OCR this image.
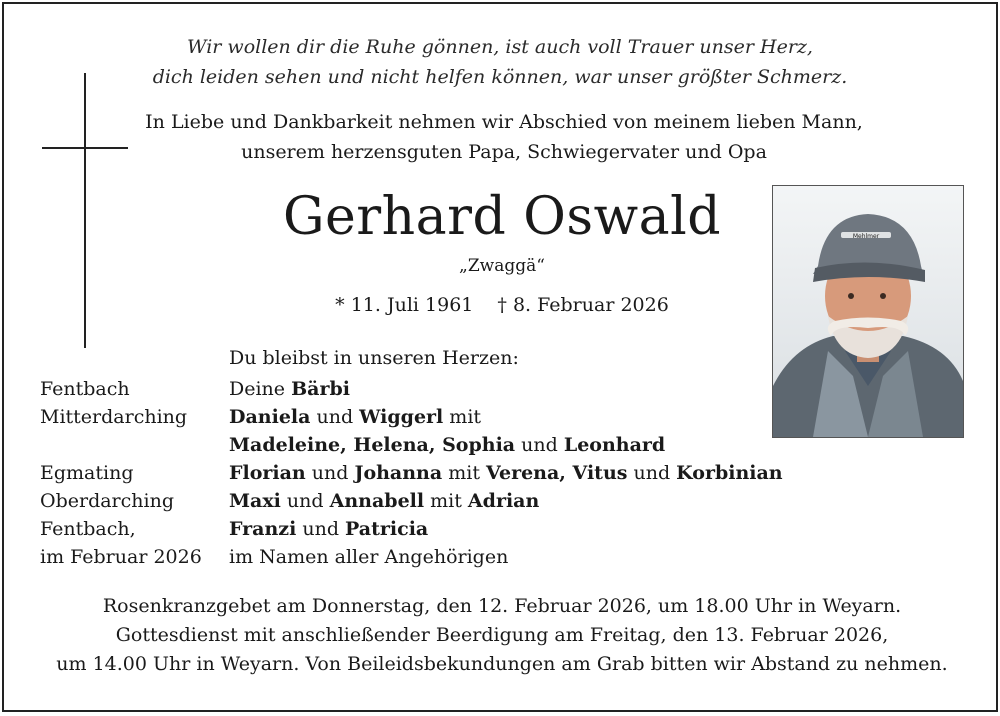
Wir wollen dir die Ruhe gönnen, ist auch voll Trauer unser Herz,
dich leiden sehen und nicht helfen können, war unser größter Schmerz.
In Liebe und Dankbarkeit nehmen wir Abschied von meinem lieben Mann,
unserem herzensguten Papa, Schwiegervater und Opa
Gerhard Oswald
„Zwaggä“
* 11. Juli 1961 † 8. Februar 2026
Mehlmer
Du bleibst in unseren Herzen:
Fentbach
Mitterdarching
Egmating
Oberdarching
Fentbach,
im Februar 2026
Deine Bärbi
Daniela und Wiggerl mit
Madeleine, Helena, Sophia und Leonhard
Florian und Johanna mit Verena, Vitus und Korbinian
Maxi und Annabell mit Adrian
Franzi und Patricia
im Namen aller Angehörigen
Rosenkranzgebet am Donnerstag, den 12. Februar 2026, um 18.00 Uhr in Weyarn.
Gottesdienst mit anschließender Beerdigung am Freitag, den 13. Februar 2026,
um 14.00 Uhr in Weyarn. Von Beileidsbekundungen am Grab bitten wir Abstand zu nehmen.
